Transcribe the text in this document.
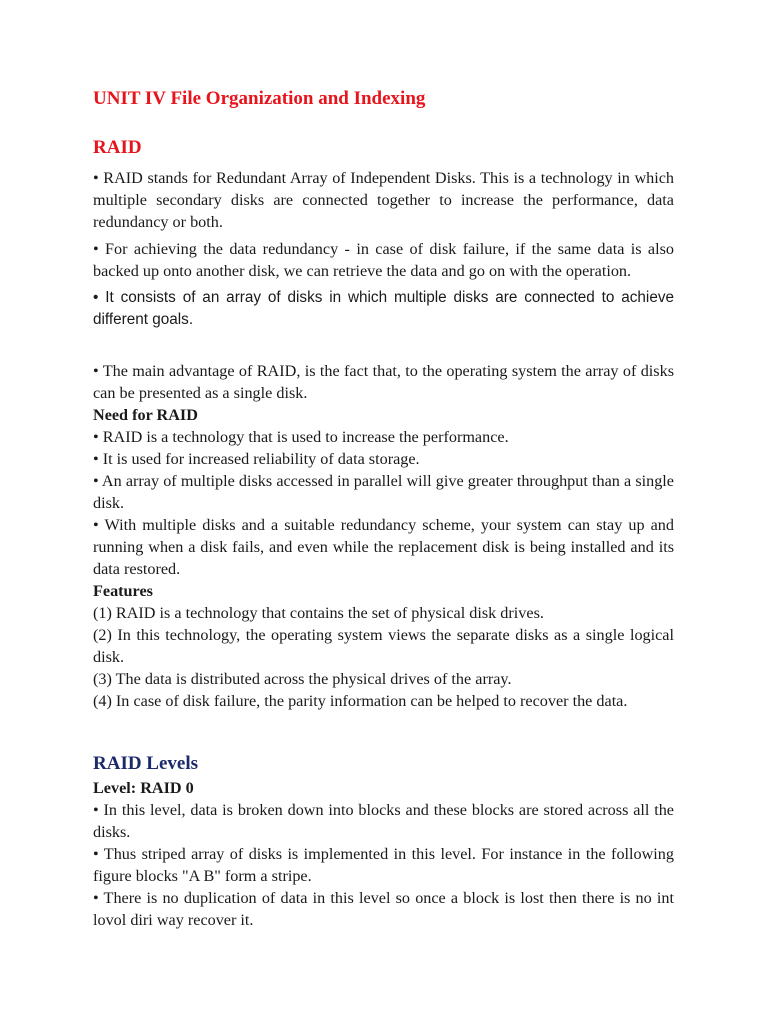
UNIT IV File Organization and Indexing
RAID

• RAID stands for Redundant Array of Independent Disks. This is a technology in which multiple secondary disks are connected together to increase the performance, data redundancy or both.

• For achieving the data redundancy - in case of disk failure, if the same data is also backed up onto another disk, we can retrieve the data and go on with the operation.

• It consists of an array of disks in which multiple disks are connected to achieve different goals.

• The main advantage of RAID, is the fact that, to the operating system the array of disks can be presented as a single disk.

Need for RAID

• RAID is a technology that is used to increase the performance.

• It is used for increased reliability of data storage.

• An array of multiple disks accessed in parallel will give greater throughput than a single disk.

• With multiple disks and a suitable redundancy scheme, your system can stay up and running when a disk fails, and even while the replacement disk is being installed and its data restored.

Features

(1) RAID is a technology that contains the set of physical disk drives.

(2) In this technology, the operating system views the separate disks as a single logical disk.

(3) The data is distributed across the physical drives of the array.

(4) In case of disk failure, the parity information can be helped to recover the data.

RAID Levels
Level: RAID 0

• In this level, data is broken down into blocks and these blocks are stored across all the disks.

• Thus striped array of disks is implemented in this level. For instance in the following figure blocks "A B" form a stripe.

• There is no duplication of data in this level so once a block is lost then there is no int lovol diri way recover it.
